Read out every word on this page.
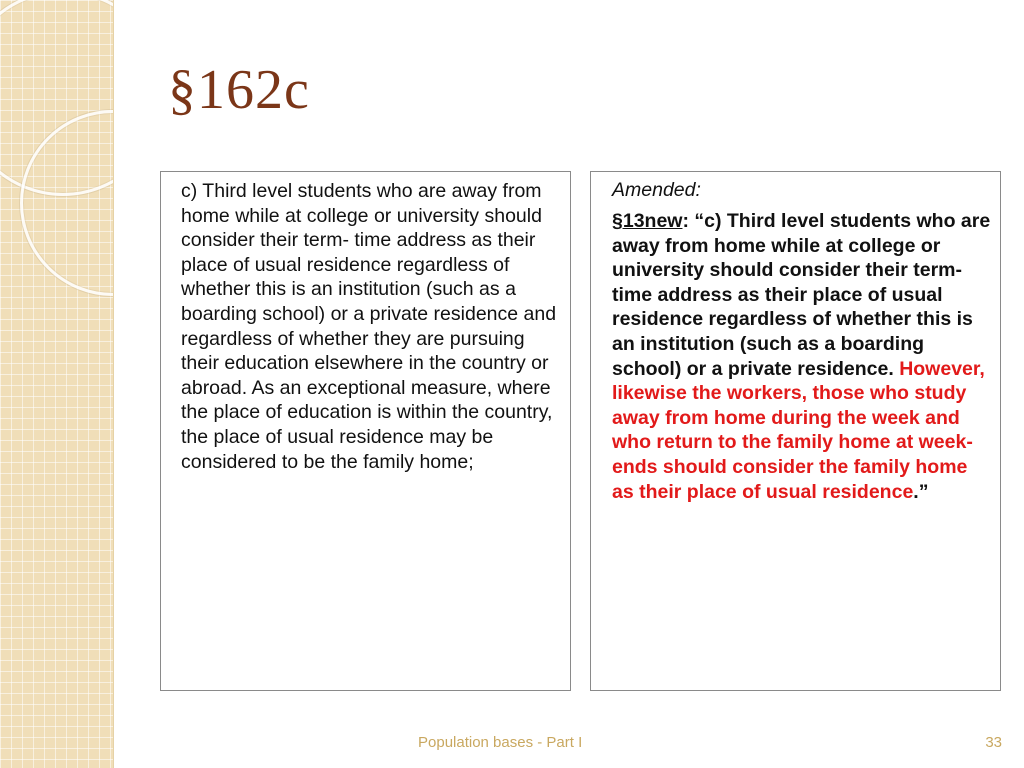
§162c

c) Third level students who are away from home while at college or university should consider their term- time address as their place of usual residence regardless of whether this is an institution (such as a boarding school) or a private residence and regardless of whether they are pursuing their education elsewhere in the country or abroad. As an exceptional measure, where the place of education is within the country, the place of usual residence may be considered to be the family home;

Amended:

§13new: “c) Third level students who are away from home while at college or university should consider their term-time address as their place of usual residence regardless of whether this is an institution (such as a boarding school) or a private residence. However, likewise the workers, those who study away from home during the week and who return to the family home at week-ends should consider the family home as their place of usual residence.”

Population bases - Part I	33
